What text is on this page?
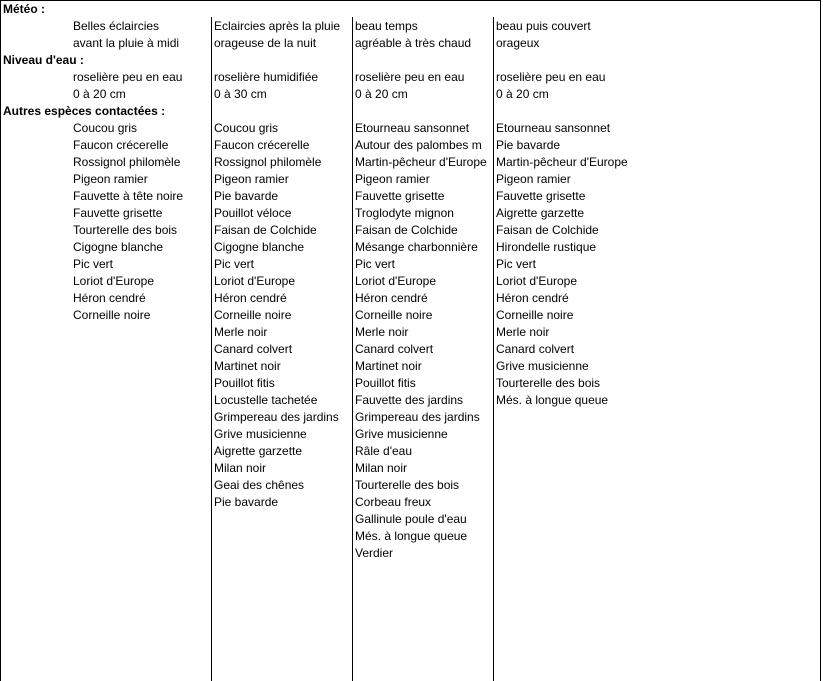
Météo :
Niveau d'eau :
Autres espèces contactées :
Belles éclaircies
avant la pluie à midi
roselière peu en eau
0 à 20 cm
Coucou gris
Faucon crécerelle
Rossignol philomèle
Pigeon ramier
Fauvette à tête noire
Fauvette grisette
Tourterelle des bois
Cigogne blanche
Pic vert
Loriot d'Europe
Héron cendré
Corneille noire
Eclaircies après la pluie
orageuse de la nuit
roselière humidifiée
0 à 30 cm
Coucou gris
Faucon crécerelle
Rossignol philomèle
Pigeon ramier
Pie bavarde
Pouillot véloce
Faisan de Colchide
Cigogne blanche
Pic vert
Loriot d'Europe
Héron cendré
Corneille noire
Merle noir
Canard colvert
Martinet noir
Pouillot fitis
Locustelle tachetée
Grimpereau des jardins
Grive musicienne
Aigrette garzette
Milan noir
Geai des chênes
Pie bavarde
beau temps
agréable à très chaud
roselière peu en eau
0 à 20 cm
Etourneau sansonnet
Autour des palombes m
Martin-pêcheur d'Europe
Pigeon ramier
Fauvette grisette
Troglodyte mignon
Faisan de Colchide
Mésange charbonnière
Pic vert
Loriot d'Europe
Héron cendré
Corneille noire
Merle noir
Canard colvert
Martinet noir
Pouillot fitis
Fauvette des jardins
Grimpereau des jardins
Grive musicienne
Râle d'eau
Milan noir
Tourterelle des bois
Corbeau freux
Gallinule poule d'eau
Més. à longue queue
Verdier
beau puis couvert
orageux
roselière peu en eau
0 à 20 cm
Etourneau sansonnet
Pie bavarde
Martin-pêcheur d'Europe
Pigeon ramier
Fauvette grisette
Aigrette garzette
Faisan de Colchide
Hirondelle rustique
Pic vert
Loriot d'Europe
Héron cendré
Corneille noire
Merle noir
Canard colvert
Grive musicienne
Tourterelle des bois
Més. à longue queue
